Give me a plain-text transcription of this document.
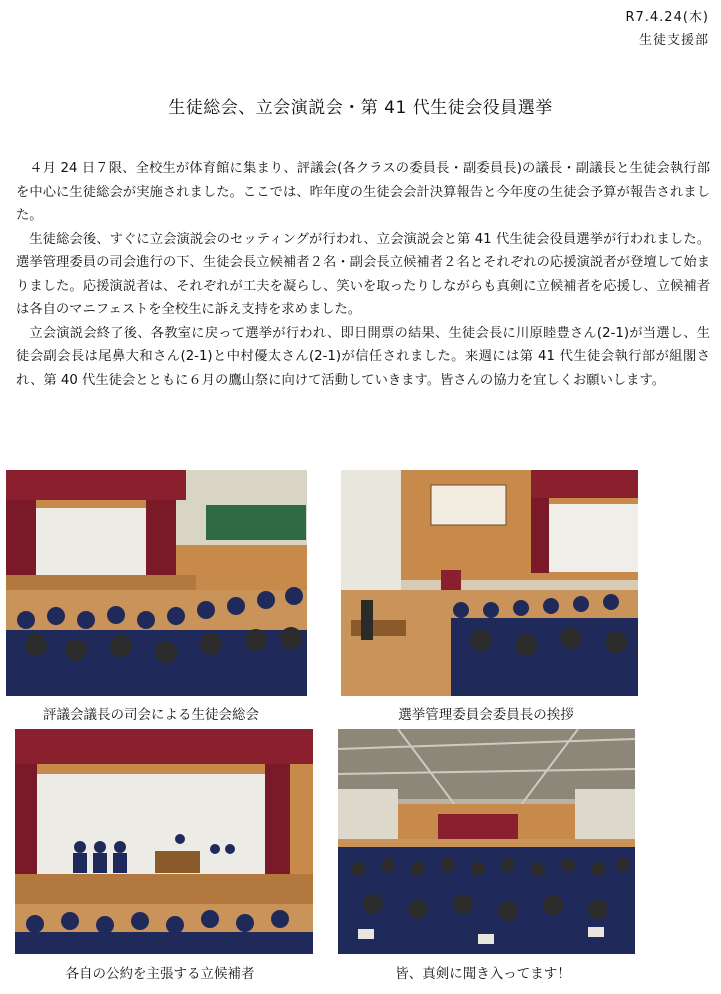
R7.4.24(木)
生徒支援部
生徒総会、立会演説会・第 41 代生徒会役員選挙

４月 24 日７限、全校生が体育館に集まり、評議会(各クラスの委員長・副委員長)の議長・副議長と生徒会執行部を中心に生徒総会が実施されました。ここでは、昨年度の生徒会会計決算報告と今年度の生徒会予算が報告されました。

生徒総会後、すぐに立会演説会のセッティングが行われ、立会演説会と第 41 代生徒会役員選挙が行われました。選挙管理委員の司会進行の下、生徒会長立候補者２名・副会長立候補者２名とそれぞれの応援演説者が登壇して始まりました。応援演説者は、それぞれが工夫を凝らし、笑いを取ったりしながらも真剣に立候補者を応援し、立候補者は各自のマニフェストを全校生に訴え支持を求めました。

立会演説会終了後、各教室に戻って選挙が行われ、即日開票の結果、生徒会長に川原睦豊さん(2-1)が当選し、生徒会副会長は尾鼻大和さん(2-1)と中村優太さん(2-1)が信任されました。来週には第 41 代生徒会執行部が組閣され、第 40 代生徒会とともに６月の鷹山祭に向けて活動していきます。皆さんの協力を宜しくお願いします。

評議会議長の司会による生徒会総会	選挙管理委員会委員長の挨拶
各自の公約を主張する立候補者	皆、真剣に聞き入ってます！
